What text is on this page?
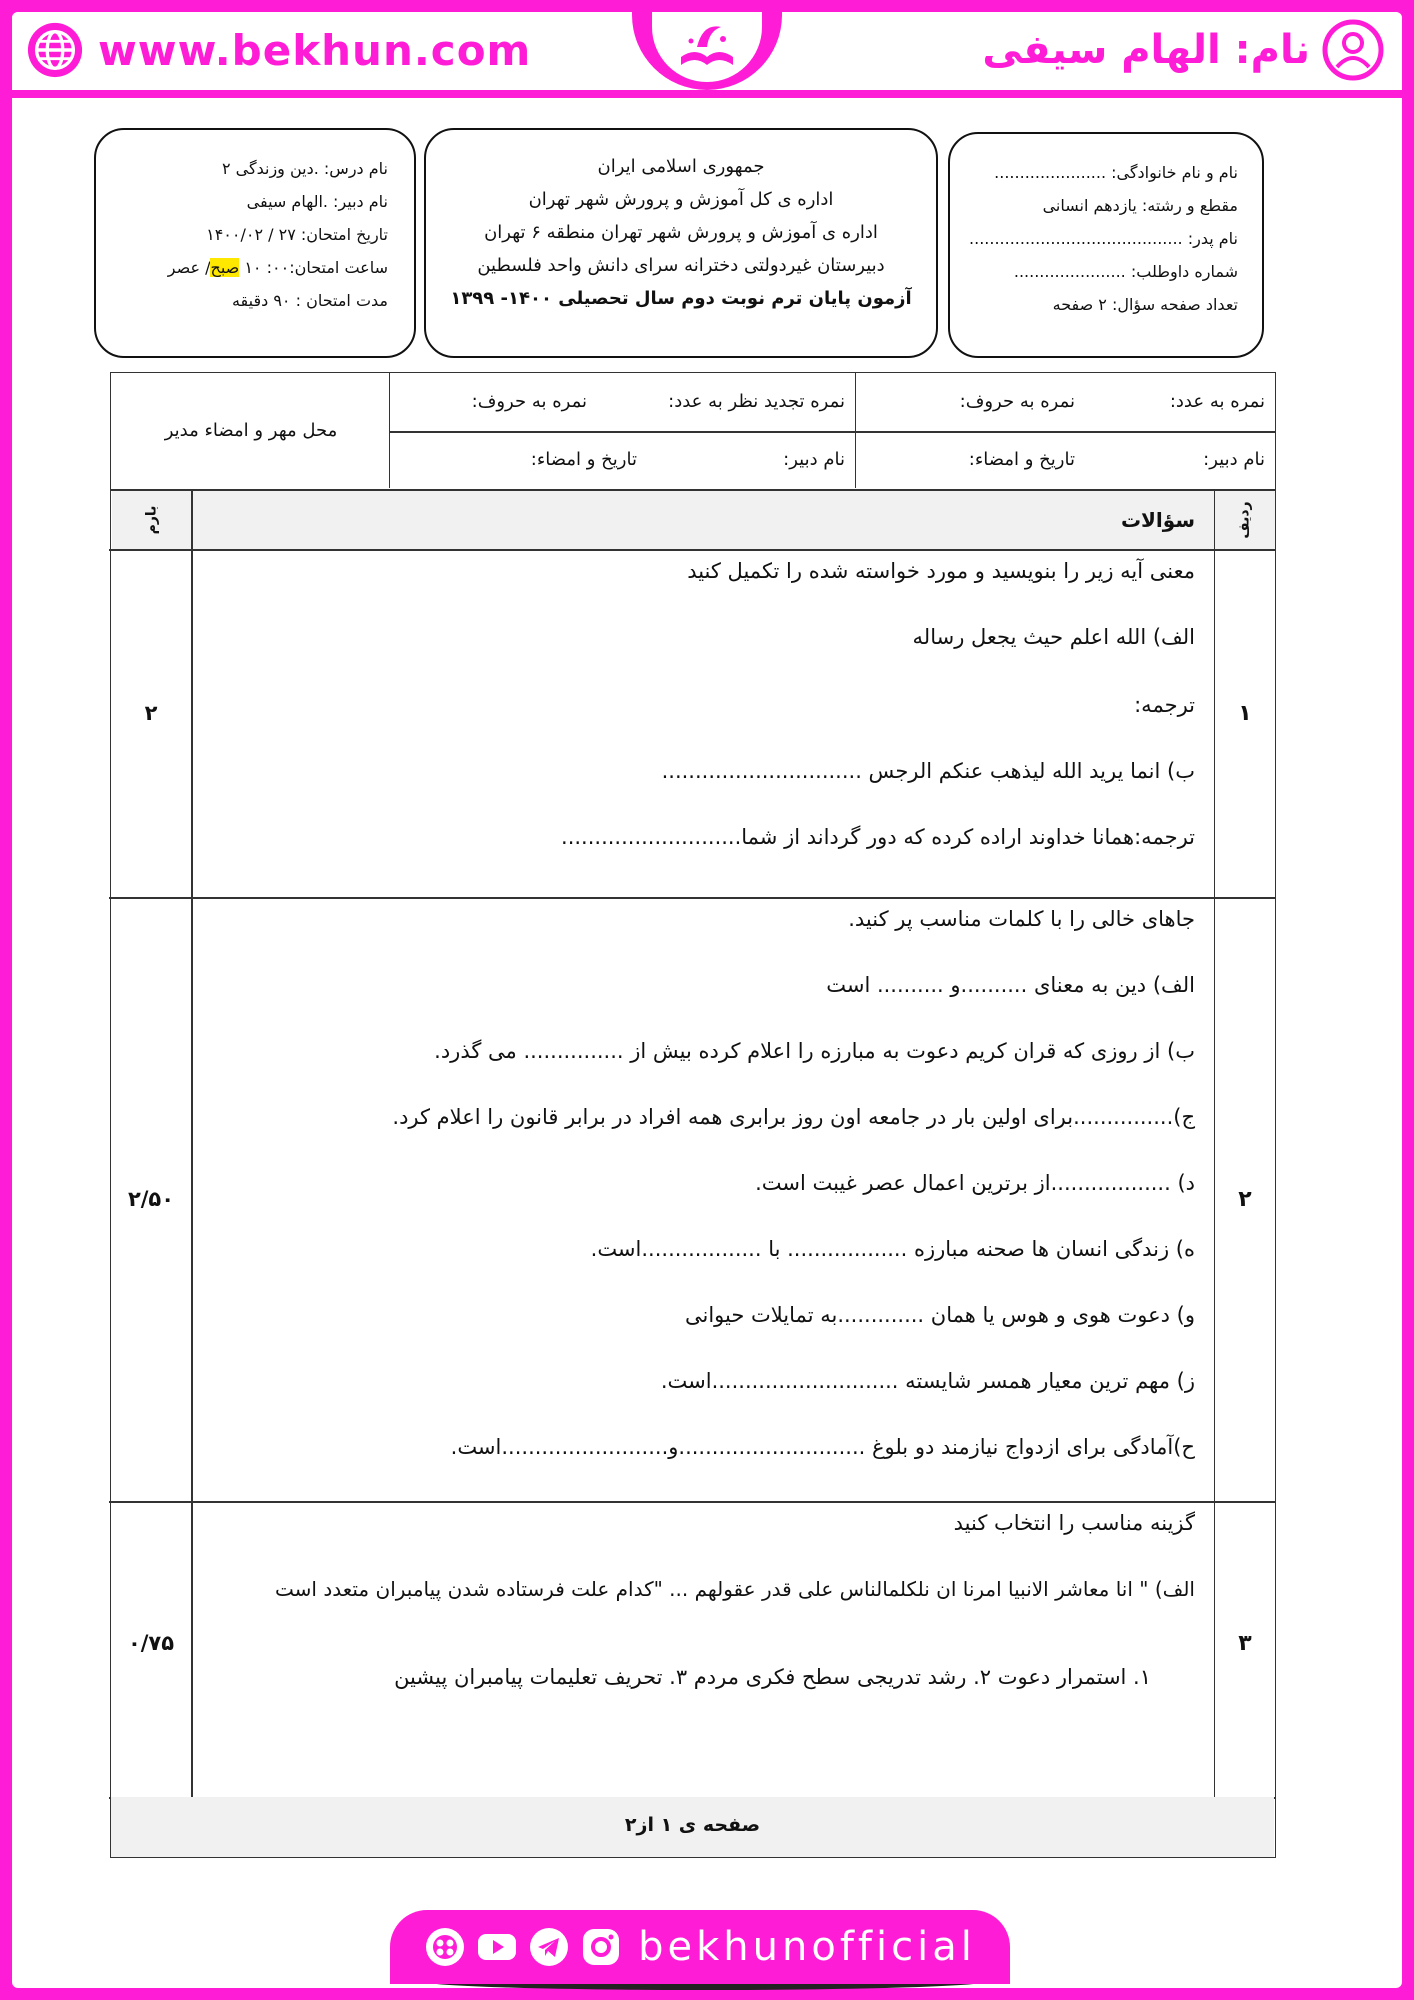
www.bekhun.com	نام: الهام سیفی
نام و نام خانوادگی: ......................
مقطع و رشته: یازدهم انسانی
نام پدر: ..........................................
شماره داوطلب: ......................
تعداد صفحه سؤال: ۲ صفحه
جمهوری اسلامی ایران
اداره ی کل آموزش و پرورش شهر تهران
اداره ی آموزش و پرورش شهر تهران منطقه ۶ تهران
دبیرستان غیردولتی دخترانه سرای دانش واحد فلسطین
آزمون پایان ترم نوبت دوم سال تحصیلی ۱۴۰۰- ۱۳۹۹
نام درس: .دین وزندگی ۲
نام دبیر: .الهام سیفی
تاریخ امتحان: ۲۷ / ۱۴۰۰/۰۲
ساعت امتحان:۰۰: ۱۰ صبح/ عصر
مدت امتحان : ۹۰ دقیقه
نمره به عدد:
نمره به حروف:
نمره تجدید نظر به عدد:
نمره به حروف:
نام دبیر:
تاریخ و امضاء:
نام دبیر:
تاریخ و امضاء:
محل مهر و امضاء مدیر
ردیف
سؤالات
بارم
۱
۲
معنی آیه زیر را بنویسید و مورد خواسته شده را تکمیل کنید
الف) الله اعلم حیث یجعل رساله
ترجمه:
ب) انما یرید الله لیذهب عنکم الرجس ..............................
ترجمه:همانا خداوند اراده کرده که دور گرداند از شما...........................
۲
۲/۵۰
جاهای خالی را با کلمات مناسب پر کنید.
الف) دین به معنای ..........و .......... است
ب) از روزی که قران کریم دعوت به مبارزه را اعلام کرده بیش از ............... می گذرد.
ج)...............برای اولین بار در جامعه اون روز برابری همه افراد در برابر قانون را اعلام کرد.
د) ..................از برترین اعمال عصر غیبت است.
ه) زندگی انسان ها صحنه مبارزه .................. با ..................است.
و) دعوت هوی و هوس یا همان .............به تمایلات حیوانی
ز) مهم ترین معیار همسر شایسته ............................است.
ح)آمادگی برای ازدواج نیازمند دو بلوغ ............................و.........................است.
۳
۰/۷۵
گزینه مناسب را انتخاب کنید
الف) " انا معاشر الانبیا امرنا ان نلکلمالناس علی قدر عقولهم ... "کدام علت فرستاده شدن پیامبران متعدد است
۱. استمرار دعوت ۲. رشد تدریجی سطح فکری مردم ۳. تحریف تعلیمات پیامبران پیشین
صفحه ی ۱ از۲
bekhunofficial
